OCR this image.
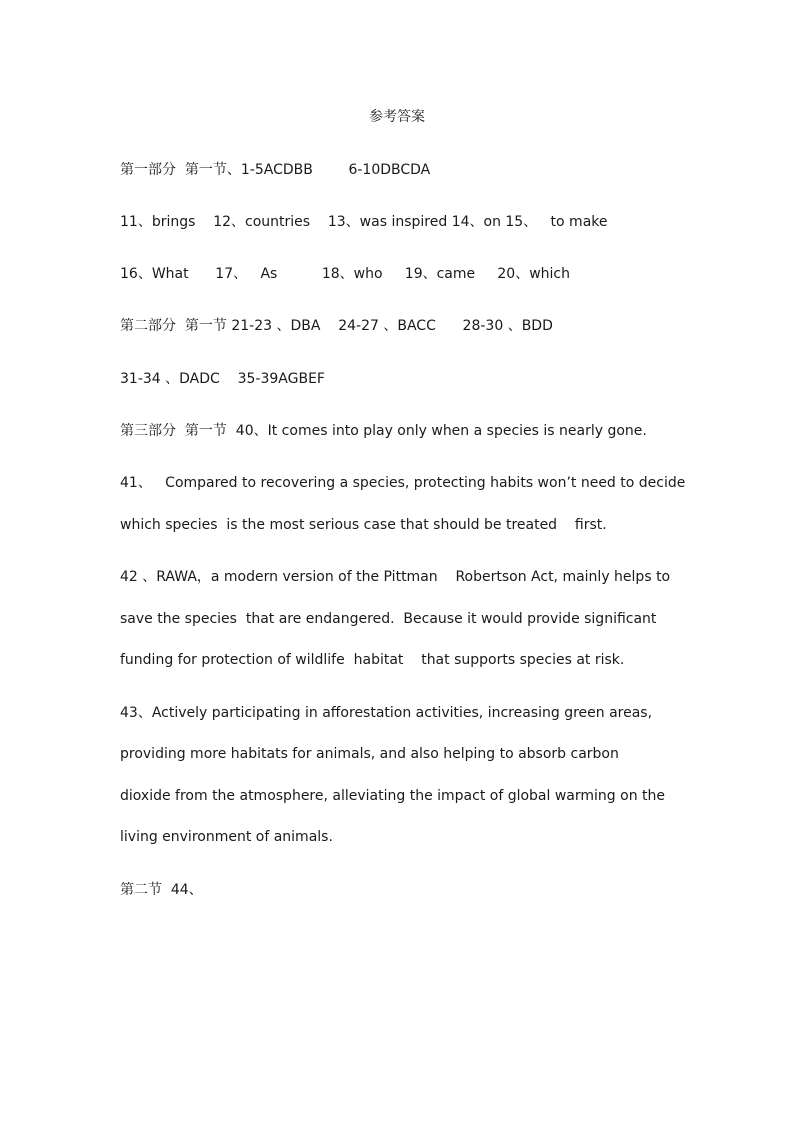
参考答案
第一部分  第一节、1-5ACDBB        6-10DBCDA
11、brings    12、countries    13、was inspired 14、on 15、   to make
16、What      17、   As          18、who     19、came     20、which
第二部分  第一节 21-23 、DBA    24-27 、BACC      28-30 、BDD
31-34 、DADC    35-39AGBEF
第三部分  第一节  40、It comes into play only when a species is nearly gone.
41、   Compared to recovering a species, protecting habits won’t need to decide
which species  is the most serious case that should be treated    first.
42 、RAWA，a modern version of the Pittman    Robertson Act, mainly helps to
save the species  that are endangered.  Because it would provide significant
funding for protection of wildlife  habitat    that supports species at risk.
43、Actively participating in afforestation activities, increasing green areas,
providing more habitats for animals, and also helping to absorb carbon
dioxide from the atmosphere, alleviating the impact of global warming on the
living environment of animals.
第二节  44、
